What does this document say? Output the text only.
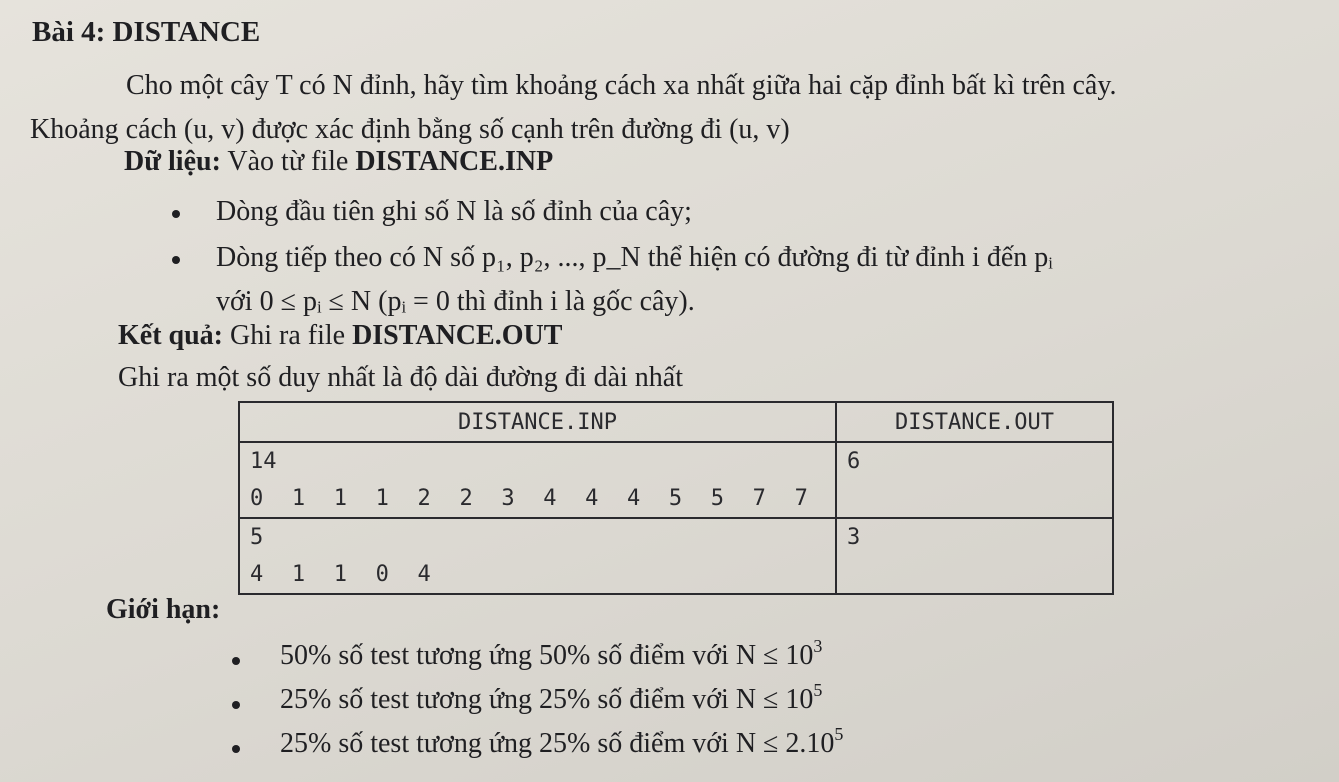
Bài 4: DISTANCE
Cho một cây T có N đỉnh, hãy tìm khoảng cách xa nhất giữa hai cặp đỉnh bất kì trên cây.
Khoảng cách (u, v) được xác định bằng số cạnh trên đường đi (u, v)
Dữ liệu: Vào từ file DISTANCE.INP
Dòng đầu tiên ghi số N là số đỉnh của cây;
Dòng tiếp theo có N số p₁, p₂, ..., p_N thể hiện có đường đi từ đỉnh i đến pᵢ
với 0 ≤ pᵢ ≤ N (pᵢ = 0 thì đỉnh i là gốc cây).
Kết quả: Ghi ra file DISTANCE.OUT
Ghi ra một số duy nhất là độ dài đường đi dài nhất
DISTANCE.INP	DISTANCE.OUT

14
0 1 1 1 2 2 3 4 4 4 5 5 7 7	6

5
4 1 1 0 4	3
Giới hạn:
50% số test tương ứng 50% số điểm với $N \le 10^3$
25% số test tương ứng 25% số điểm với $N \le 10^5$
25% số test tương ứng 25% số điểm với $N \le 2.10^5$
